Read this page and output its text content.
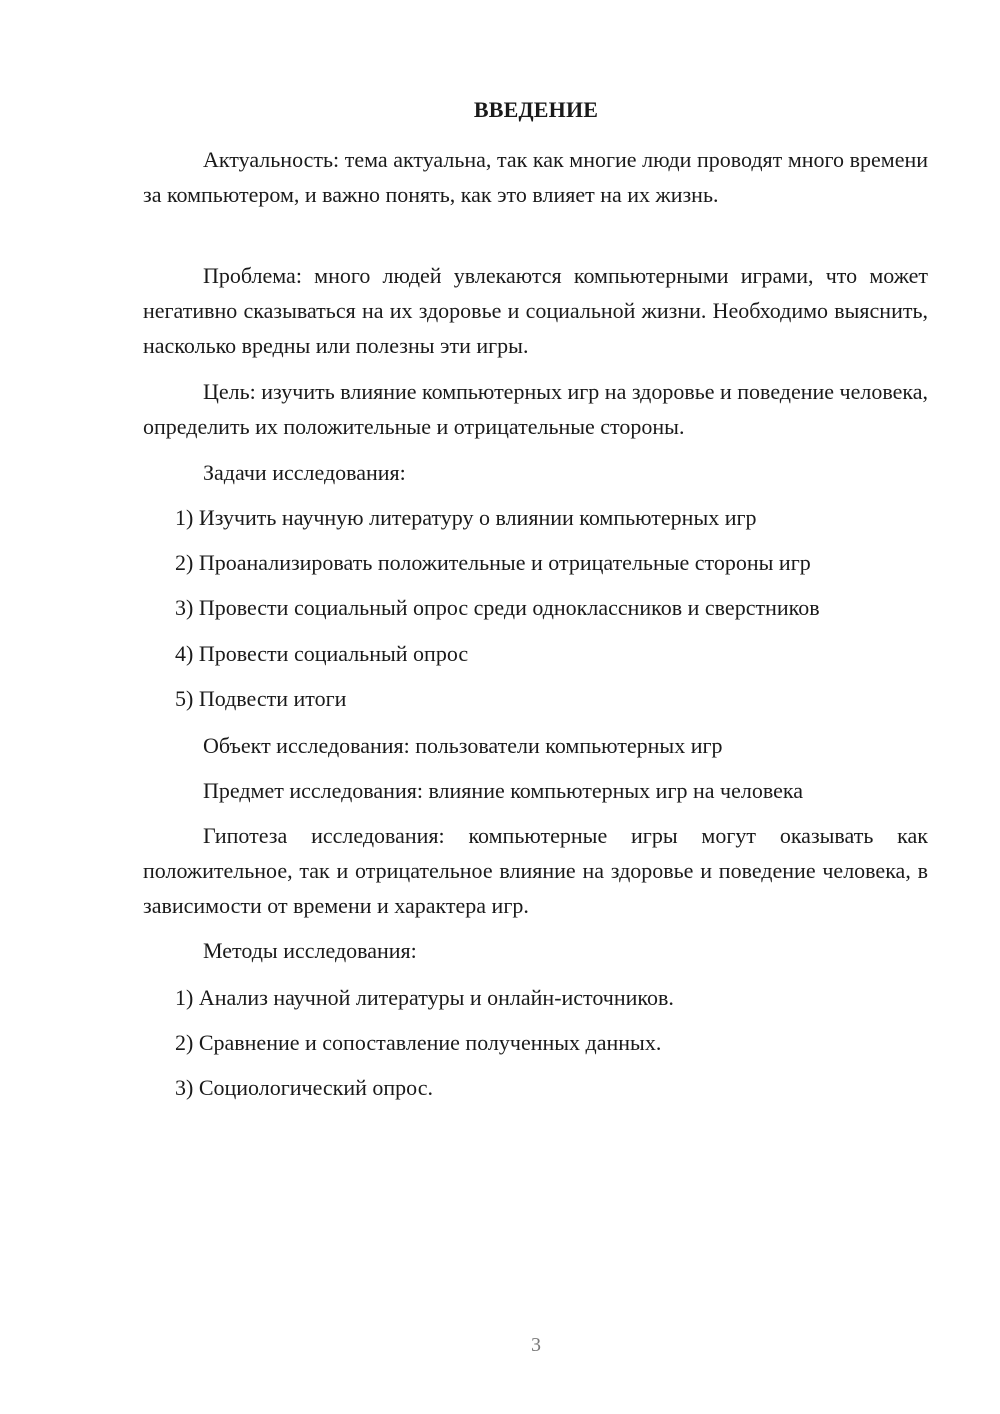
ВВЕДЕНИЕ

Актуальность: тема актуальна, так как многие люди проводят много времени за компьютером, и важно понять, как это влияет на их жизнь.

Проблема: много людей увлекаются компьютерными играми, что может негативно сказываться на их здоровье и социальной жизни. Необходимо выяснить, насколько вредны или полезны эти игры.

Цель: изучить влияние компьютерных игр на здоровье и поведение человека, определить их положительные и отрицательные стороны.

Задачи исследования:

1) Изучить научную литературу о влиянии компьютерных игр

2) Проанализировать положительные и отрицательные стороны игр

3) Провести социальный опрос среди одноклассников и сверстников

4) Провести социальный опрос

5) Подвести итоги

Объект исследования: пользователи компьютерных игр

Предмет исследования: влияние компьютерных игр на человека

Гипотеза исследования: компьютерные игры могут оказывать как положительное, так и отрицательное влияние на здоровье и поведение человека, в зависимости от времени и характера игр.

Методы исследования:

1) Анализ научной литературы и онлайн-источников.

2) Сравнение и сопоставление полученных данных.

3) Социологический опрос.

3
